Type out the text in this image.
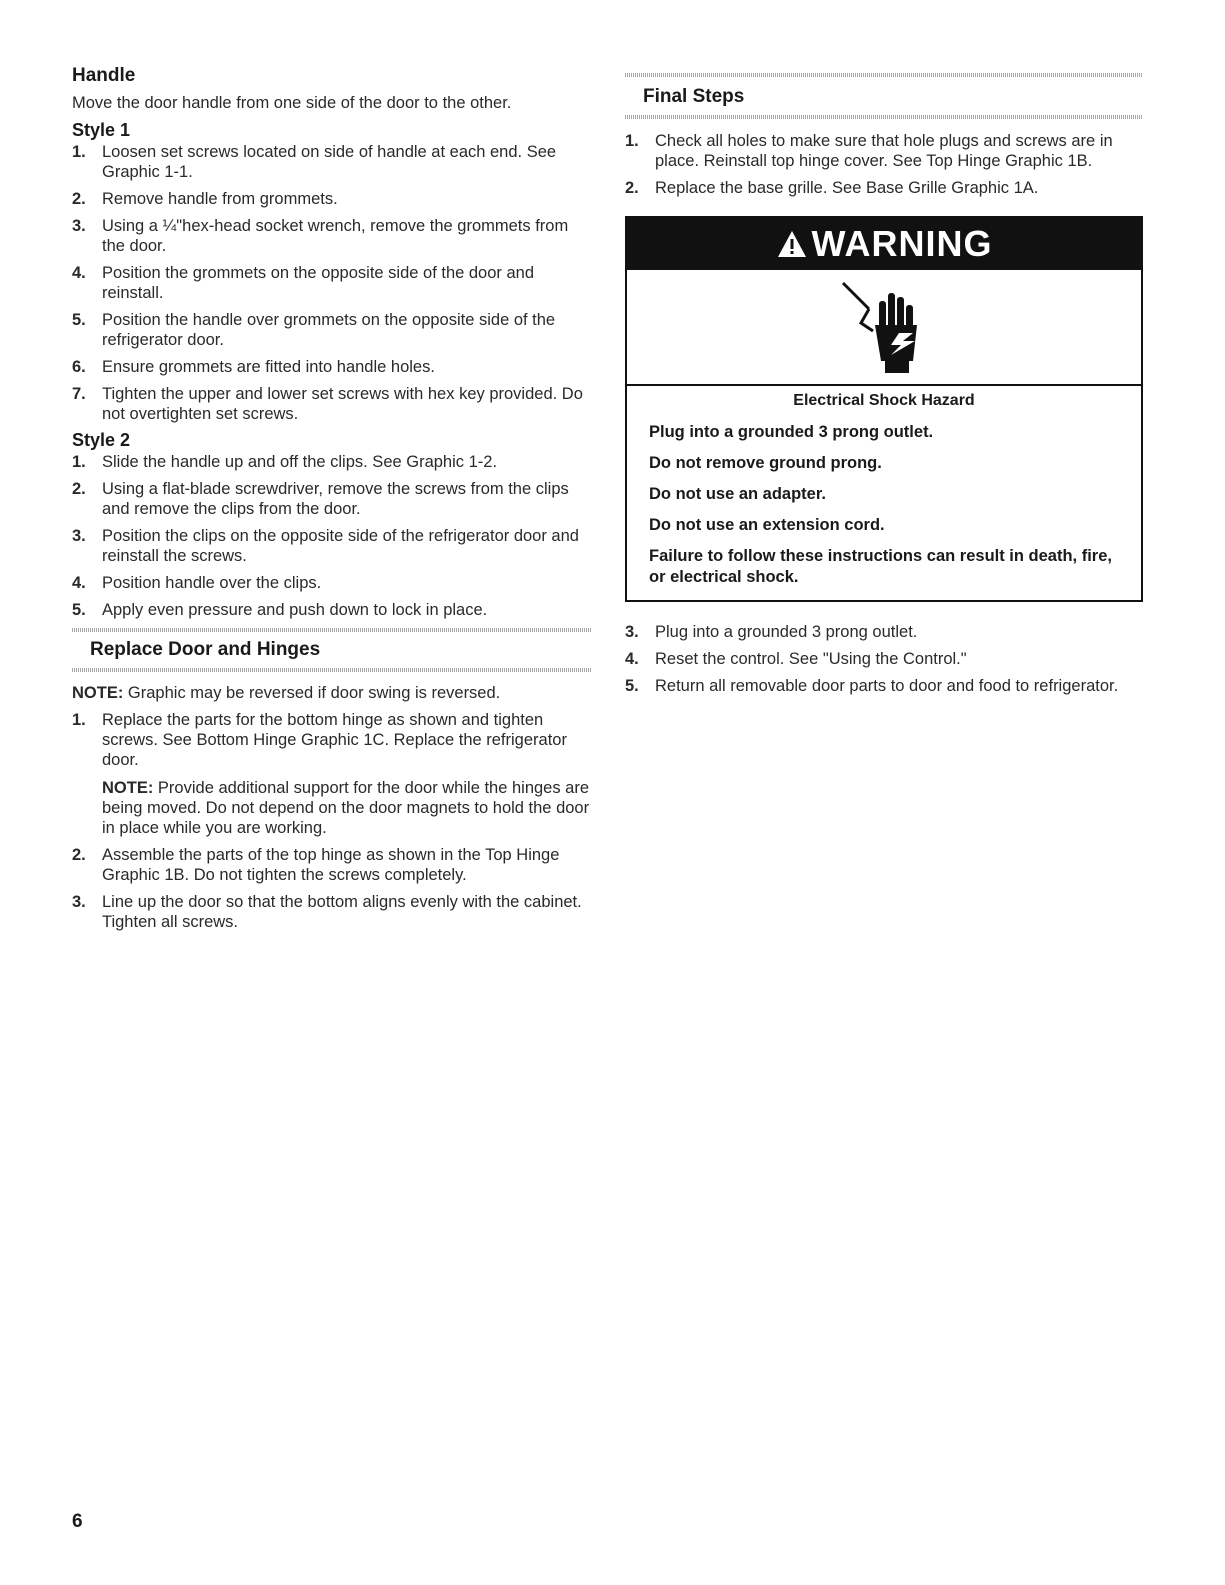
Handle

Move the door handle from one side of the door to the other.

Style 1
1. Loosen set screws located on side of handle at each end. See Graphic 1-1.
2. Remove handle from grommets.
3. Using a ¼"hex-head socket wrench, remove the grommets from the door.
4. Position the grommets on the opposite side of the door and reinstall.
5. Position the handle over grommets on the opposite side of the refrigerator door.
6. Ensure grommets are fitted into handle holes.
7. Tighten the upper and lower set screws with hex key provided. Do not overtighten set screws.
Style 2
1. Slide the handle up and off the clips. See Graphic 1-2.
2. Using a flat-blade screwdriver, remove the screws from the clips and remove the clips from the door.
3. Position the clips on the opposite side of the refrigerator door and reinstall the screws.
4. Position handle over the clips.
5. Apply even pressure and push down to lock in place.
Replace Door and Hinges

NOTE: Graphic may be reversed if door swing is reversed.

1. Replace the parts for the bottom hinge as shown and tighten screws. See Bottom Hinge Graphic 1C. Replace the refrigerator door.
NOTE: Provide additional support for the door while the hinges are being moved. Do not depend on the door magnets to hold the door in place while you are working.
2. Assemble the parts of the top hinge as shown in the Top Hinge Graphic 1B. Do not tighten the screws completely.
3. Line up the door so that the bottom aligns evenly with the cabinet. Tighten all screws.
Final Steps
1. Check all holes to make sure that hole plugs and screws are in place. Reinstall top hinge cover. See Top Hinge Graphic 1B.
2. Replace the base grille. See Base Grille Graphic 1A.
WARNING

Electrical Shock Hazard

Plug into a grounded 3 prong outlet.

Do not remove ground prong.

Do not use an adapter.

Do not use an extension cord.

Failure to follow these instructions can result in death, fire, or electrical shock.

3. Plug into a grounded 3 prong outlet.
4. Reset the control. See "Using the Control."
5. Return all removable door parts to door and food to refrigerator.
6
